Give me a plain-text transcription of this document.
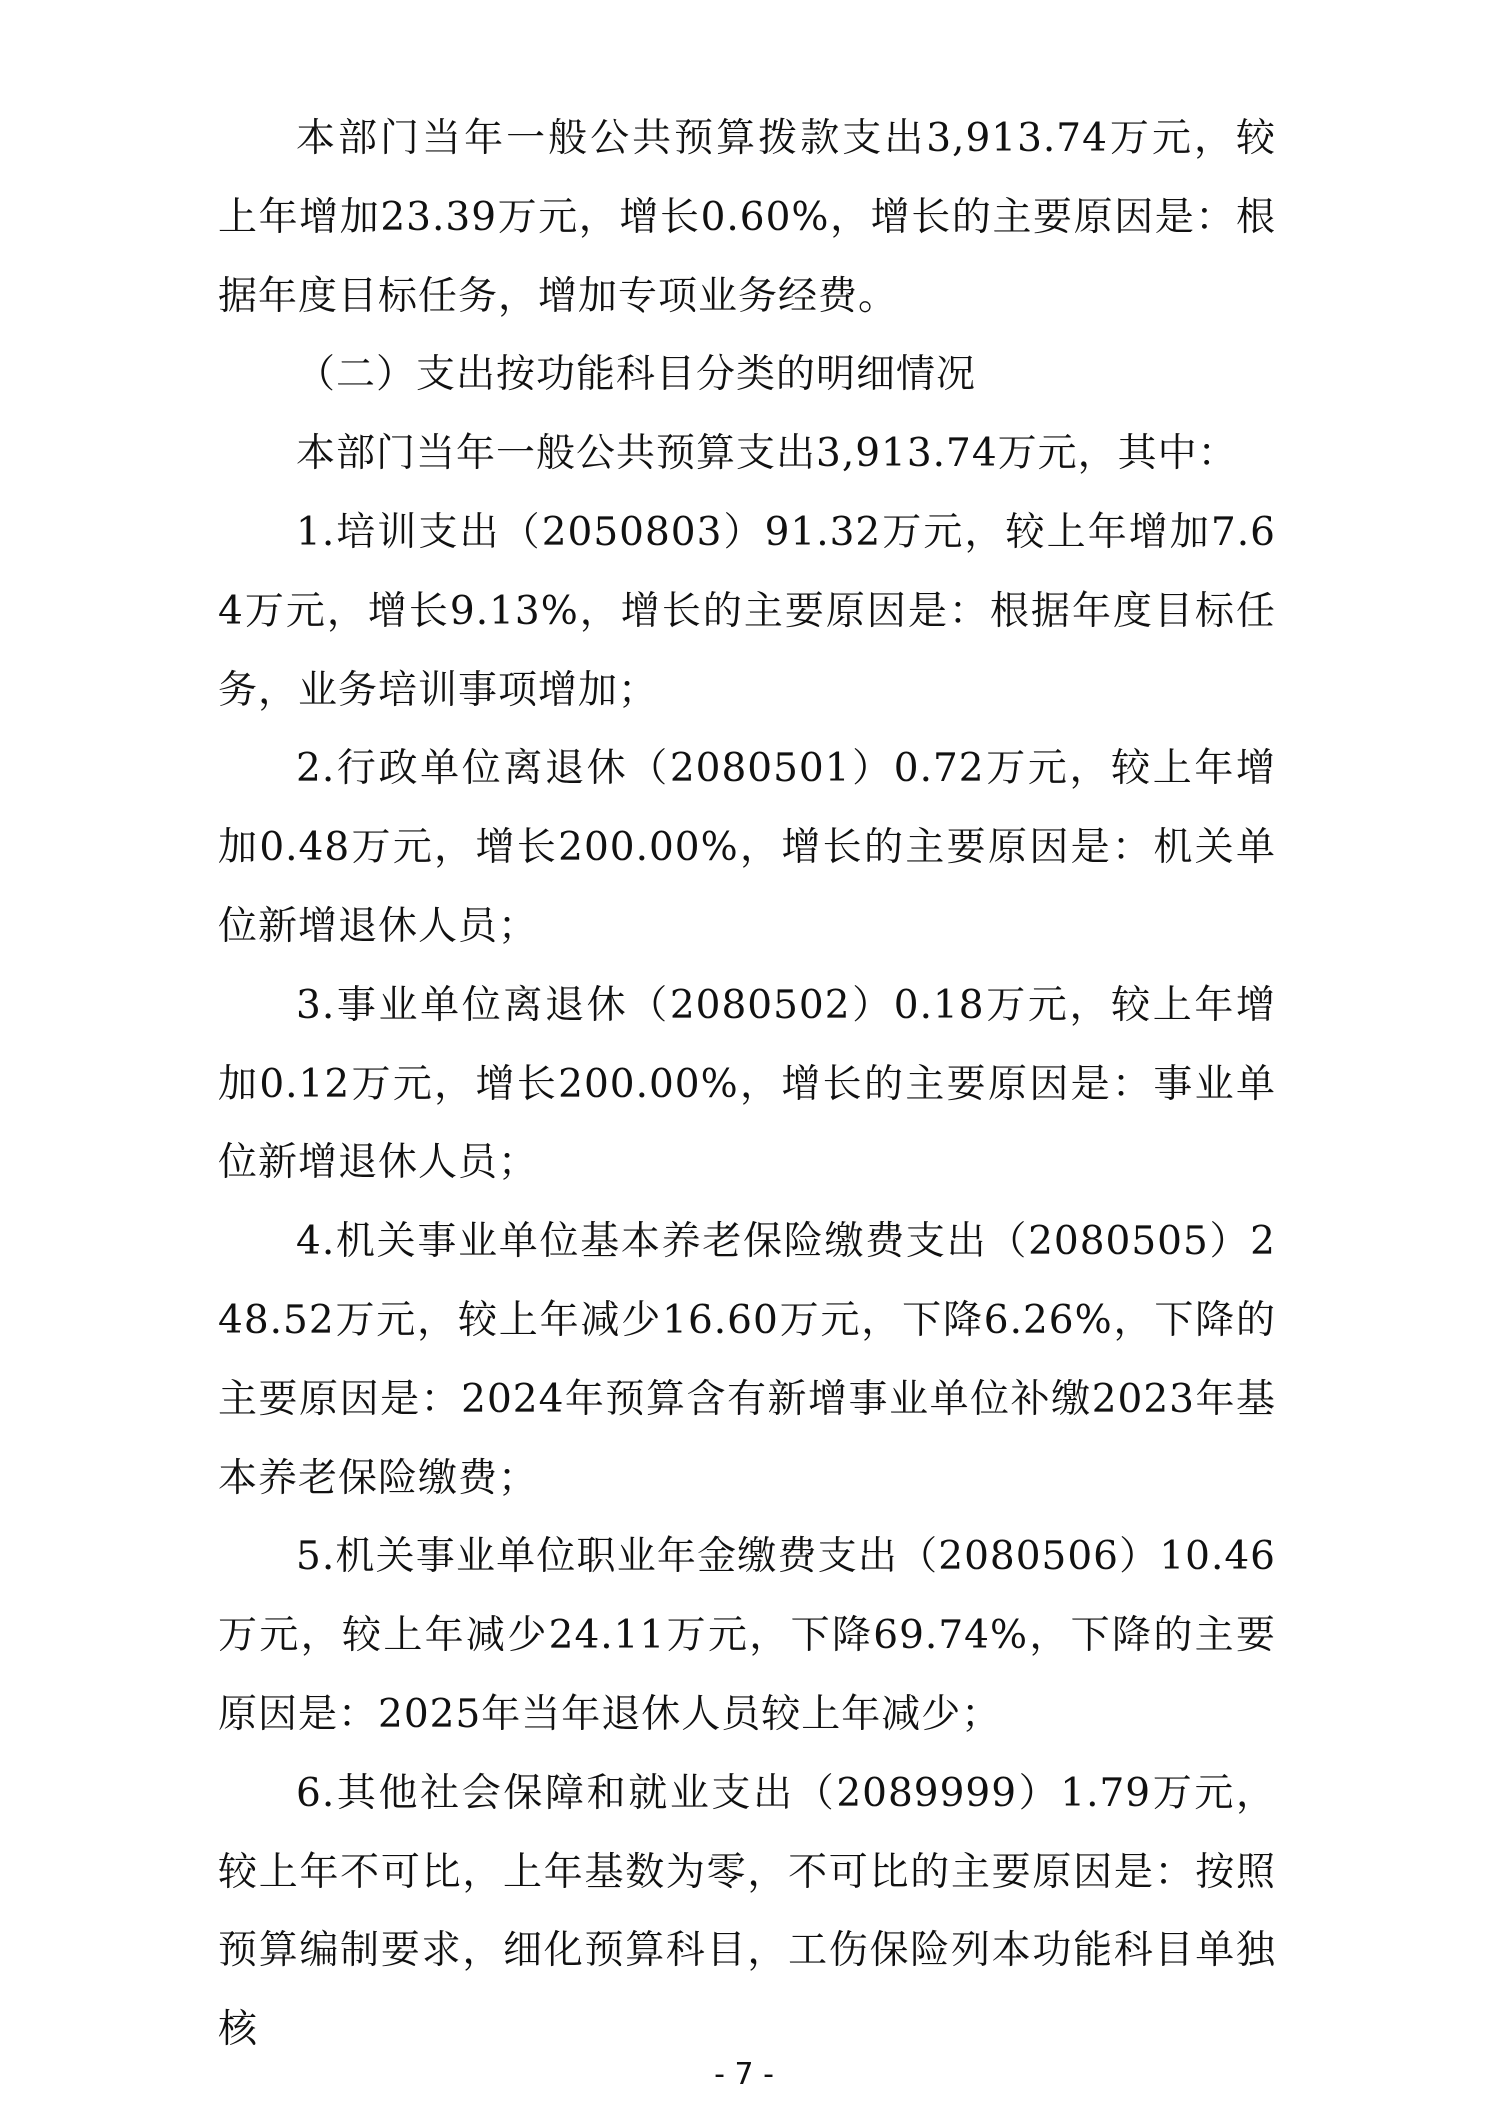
本部门当年一般公共预算拨款支出3,913.74万元，较上年增加23.39万元，增长0.60%，增长的主要原因是：根据年度目标任务，增加专项业务经费。

（二）支出按功能科目分类的明细情况

本部门当年一般公共预算支出3,913.74万元，其中：

1.培训支出（2050803）91.32万元，较上年增加7.64万元，增长9.13%，增长的主要原因是：根据年度目标任务，业务培训事项增加；

2.行政单位离退休（2080501）0.72万元，较上年增加0.48万元，增长200.00%，增长的主要原因是：机关单位新增退休人员；

3.事业单位离退休（2080502）0.18万元，较上年增加0.12万元，增长200.00%，增长的主要原因是：事业单位新增退休人员；

4.机关事业单位基本养老保险缴费支出（2080505）248.52万元，较上年减少16.60万元，下降6.26%，下降的主要原因是：2024年预算含有新增事业单位补缴2023年基本养老保险缴费；

5.机关事业单位职业年金缴费支出（2080506）10.46万元，较上年减少24.11万元，下降69.74%，下降的主要原因是：2025年当年退休人员较上年减少；

6.其他社会保障和就业支出（2089999）1.79万元，较上年不可比，上年基数为零，不可比的主要原因是：按照预算编制要求，细化预算科目，工伤保险列本功能科目单独核

- 7 -
